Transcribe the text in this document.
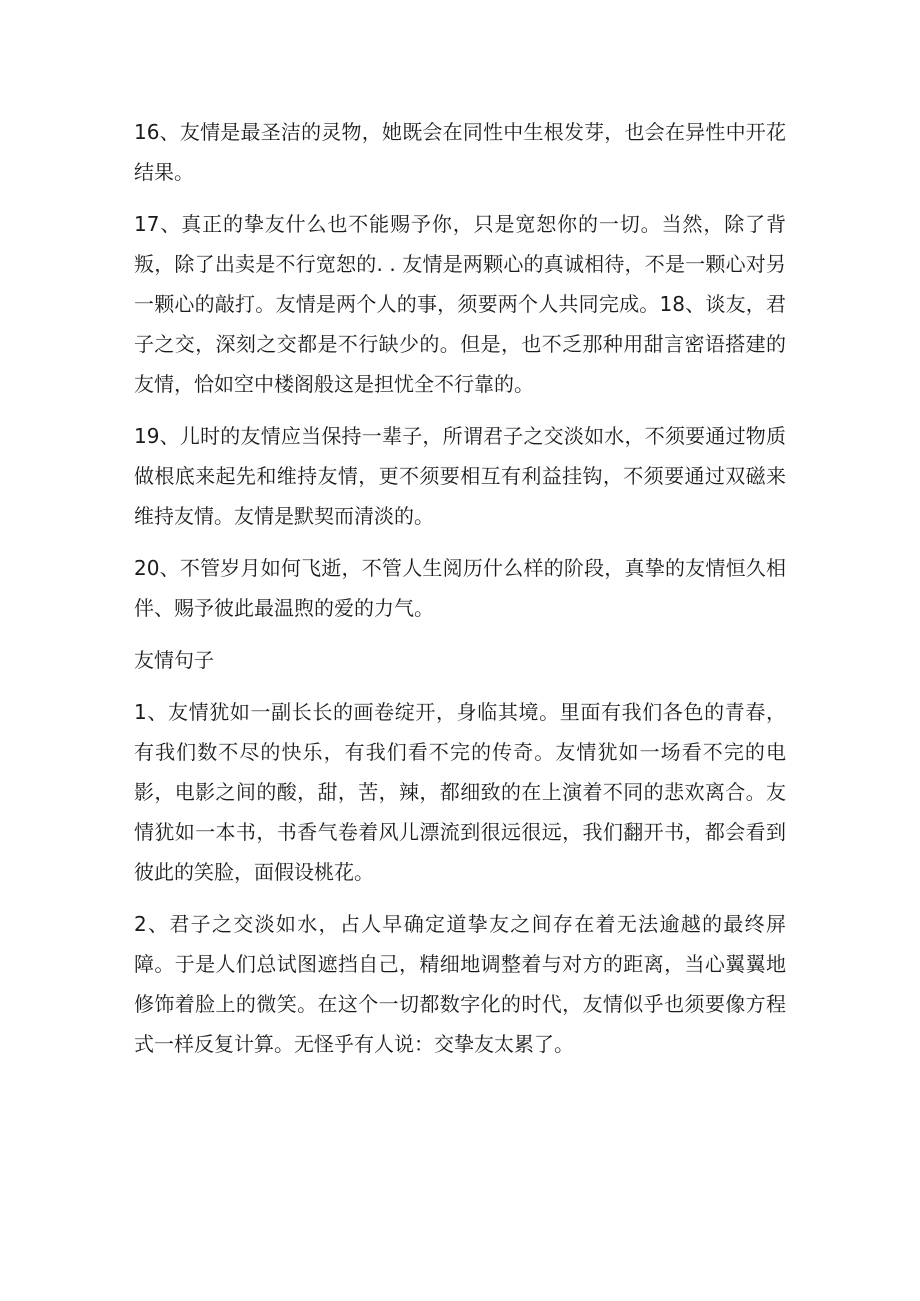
16、友情是最圣洁的灵物，她既会在同性中生根发芽，也会在异性中开花结果。

17、真正的挚友什么也不能赐予你，只是宽恕你的一切。当然，除了背叛，除了出卖是不行宽恕的. . 友情是两颗心的真诚相待，不是一颗心对另一颗心的敲打。友情是两个人的事，须要两个人共同完成。18、谈友，君子之交，深刻之交都是不行缺少的。但是，也不乏那种用甜言密语搭建的友情，恰如空中楼阁般这是担忧全不行靠的。

19、儿时的友情应当保持一辈子，所谓君子之交淡如水，不须要通过物质做根底来起先和维持友情，更不须要相互有利益挂钩，不须要通过双磁来维持友情。友情是默契而清淡的。

20、不管岁月如何飞逝，不管人生阅历什么样的阶段，真挚的友情恒久相伴、赐予彼此最温煦的爱的力气。

友情句子

1、友情犹如一副长长的画卷绽开，身临其境。里面有我们各色的青春，有我们数不尽的快乐，有我们看不完的传奇。友情犹如一场看不完的电影，电影之间的酸，甜，苦，辣，都细致的在上演着不同的悲欢离合。友情犹如一本书，书香气卷着风儿漂流到很远很远，我们翻开书，都会看到彼此的笑脸，面假设桃花。

2、君子之交淡如水，占人早确定道挚友之间存在着无法逾越的最终屏障。于是人们总试图遮挡自己，精细地调整着与对方的距离，当心翼翼地修饰着脸上的微笑。在这个一切都数字化的时代，友情似乎也须要像方程式一样反复计算。无怪乎有人说：交挚友太累了。
